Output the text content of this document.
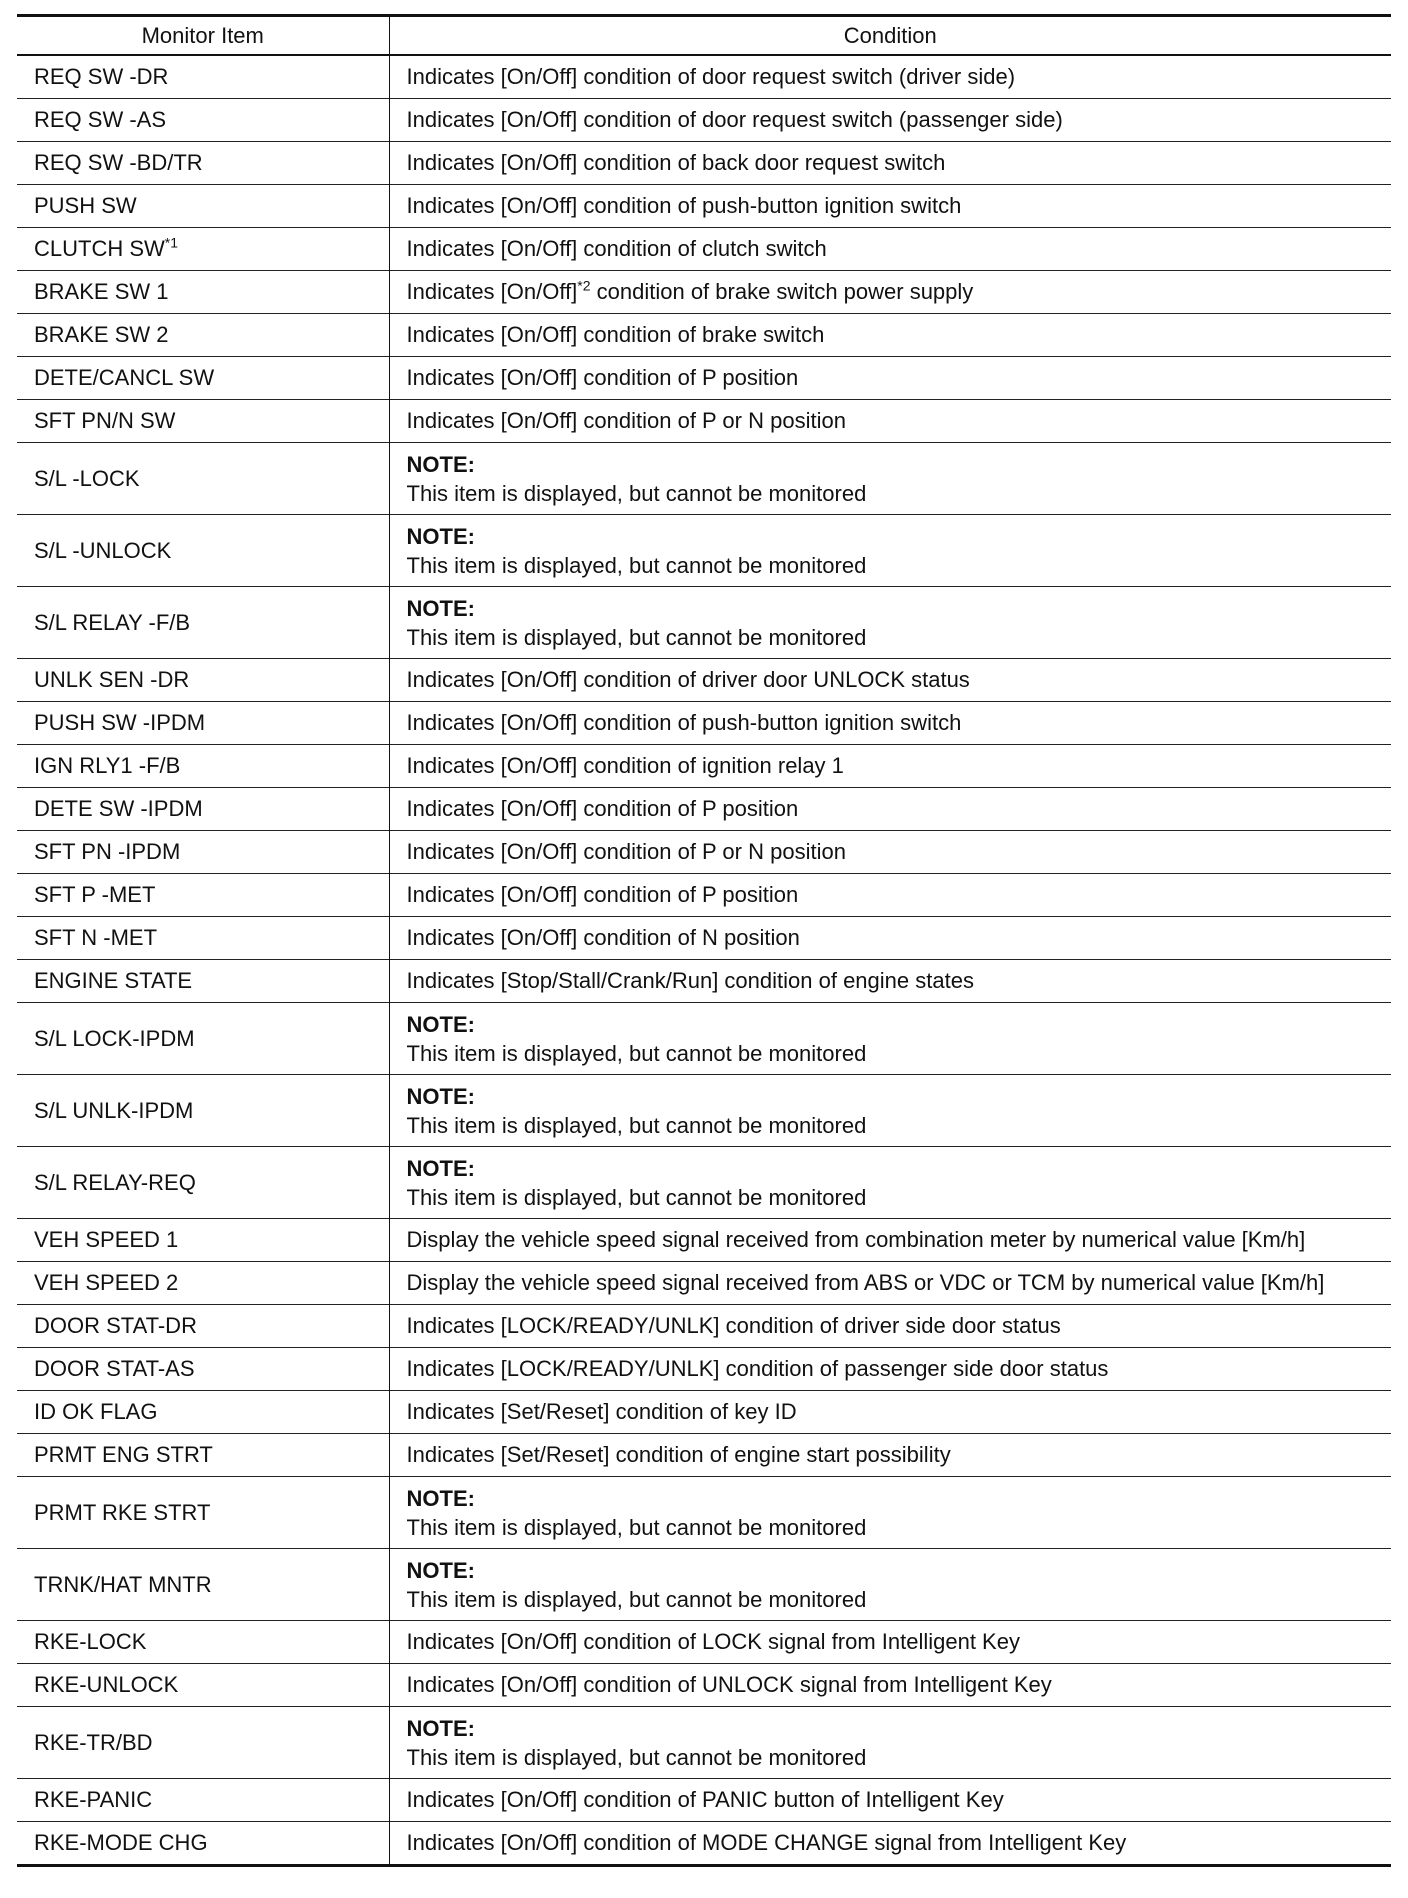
Monitor Item	Condition
REQ SW -DR	Indicates [On/Off] condition of door request switch (driver side)
REQ SW -AS	Indicates [On/Off] condition of door request switch (passenger side)
REQ SW -BD/TR	Indicates [On/Off] condition of back door request switch
PUSH SW	Indicates [On/Off] condition of push-button ignition switch
CLUTCH SW$^{*1}$	Indicates [On/Off] condition of clutch switch
BRAKE SW 1	Indicates $[On/Off]^{*2}$ condition of brake switch power supply
BRAKE SW 2	Indicates [On/Off] condition of brake switch
DETE/CANCL SW	Indicates [On/Off] condition of P position
SFT PN/N SW	Indicates [On/Off] condition of P or N position
S/L -LOCK	NOTE:
This item is displayed, but cannot be monitored

S/L -UNLOCK	NOTE:
This item is displayed, but cannot be monitored

S/L RELAY -F/B	NOTE:
This item is displayed, but cannot be monitored

UNLK SEN -DR	Indicates [On/Off] condition of driver door UNLOCK status
PUSH SW -IPDM	Indicates [On/Off] condition of push-button ignition switch
IGN RLY1 -F/B	Indicates [On/Off] condition of ignition relay 1
DETE SW -IPDM	Indicates [On/Off] condition of P position
SFT PN -IPDM	Indicates [On/Off] condition of P or N position
SFT P -MET	Indicates [On/Off] condition of P position
SFT N -MET	Indicates [On/Off] condition of N position
ENGINE STATE	Indicates [Stop/Stall/Crank/Run] condition of engine states
S/L LOCK-IPDM	NOTE:
This item is displayed, but cannot be monitored

S/L UNLK-IPDM	NOTE:
This item is displayed, but cannot be monitored

S/L RELAY-REQ	NOTE:
This item is displayed, but cannot be monitored

VEH SPEED 1	Display the vehicle speed signal received from combination meter by numerical value [Km/h]
VEH SPEED 2	Display the vehicle speed signal received from ABS or VDC or TCM by numerical value [Km/h]
DOOR STAT-DR	Indicates [LOCK/READY/UNLK] condition of driver side door status
DOOR STAT-AS	Indicates [LOCK/READY/UNLK] condition of passenger side door status
ID OK FLAG	Indicates [Set/Reset] condition of key ID
PRMT ENG STRT	Indicates [Set/Reset] condition of engine start possibility
PRMT RKE STRT	NOTE:
This item is displayed, but cannot be monitored

TRNK/HAT MNTR	NOTE:
This item is displayed, but cannot be monitored

RKE-LOCK	Indicates [On/Off] condition of LOCK signal from Intelligent Key
RKE-UNLOCK	Indicates [On/Off] condition of UNLOCK signal from Intelligent Key
RKE-TR/BD	NOTE:
This item is displayed, but cannot be monitored

RKE-PANIC	Indicates [On/Off] condition of PANIC button of Intelligent Key
RKE-MODE CHG	Indicates [On/Off] condition of MODE CHANGE signal from Intelligent Key
